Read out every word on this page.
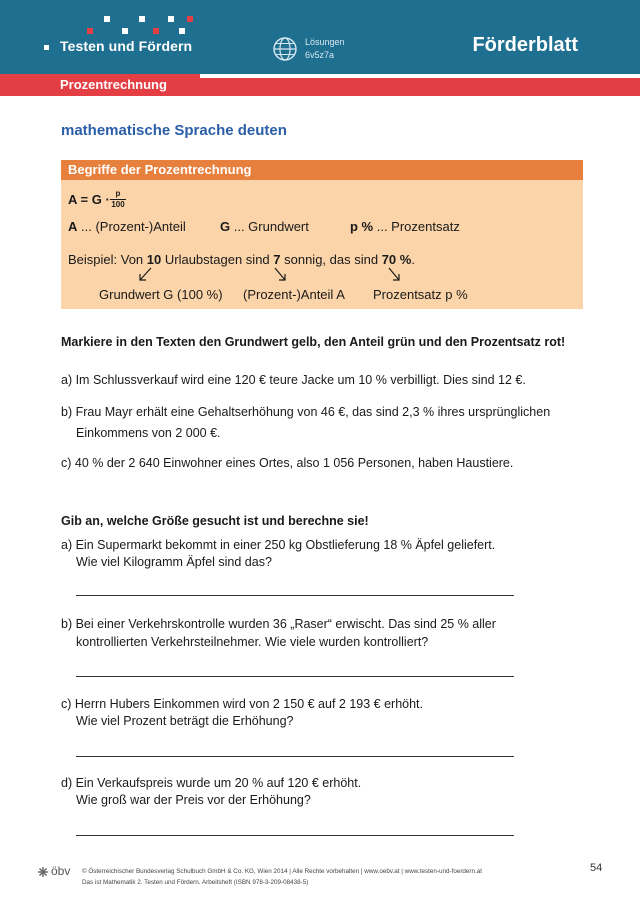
Testen und Fördern	Lösungen
6v5z7a	Förderblatt
Prozentrechnung
mathematische Sprache deuten
Begriffe der Prozentrechnung
$A = G \cdot \frac{p}{100}$
A ... (Prozent-)Anteil	G ... Grundwert	p % ... Prozentsatz
Beispiel: Von 10 Urlaubstagen sind 7 sonnig, das sind 70 %.
Grundwert G (100 %) (Prozent-)Anteil A Prozentsatz p %
Markiere in den Texten den Grundwert gelb, den Anteil grün und den Prozentsatz rot!
a) Im Schlussverkauf wird eine 120 € teure Jacke um 10 % verbilligt. Dies sind 12 €.
b) Frau Mayr erhält eine Gehaltserhöhung von 46 €, das sind 2,3 % ihres ursprünglichen
Einkommens von 2 000 €.
c) 40 % der 2 640 Einwohner eines Ortes, also 1 056 Personen, haben Haustiere.
Gib an, welche Größe gesucht ist und berechne sie!
a) Ein Supermarkt bekommt in einer 250 kg Obstlieferung 18 % Äpfel geliefert.
Wie viel Kilogramm Äpfel sind das?
b) Bei einer Verkehrskontrolle wurden 36 „Raser“ erwischt. Das sind 25 % aller
kontrollierten Verkehrsteilnehmer. Wie viele wurden kontrolliert?
c) Herrn Hubers Einkommen wird von 2 150 € auf 2 193 € erhöht.
Wie viel Prozent beträgt die Erhöhung?
d) Ein Verkaufspreis wurde um 20 % auf 120 € erhöht.
Wie groß war der Preis vor der Erhöhung?
öbv © Österreichischer Bundesverlag Schulbuch GmbH & Co. KG, Wien 2014 | Alle Rechte vorbehalten | www.oebv.at | www.testen-und-foerdern.at
Das ist Mathematik 2. Testen und Fördern. Arbeitsheft (ISBN 978-3-209-08438-5)
54
